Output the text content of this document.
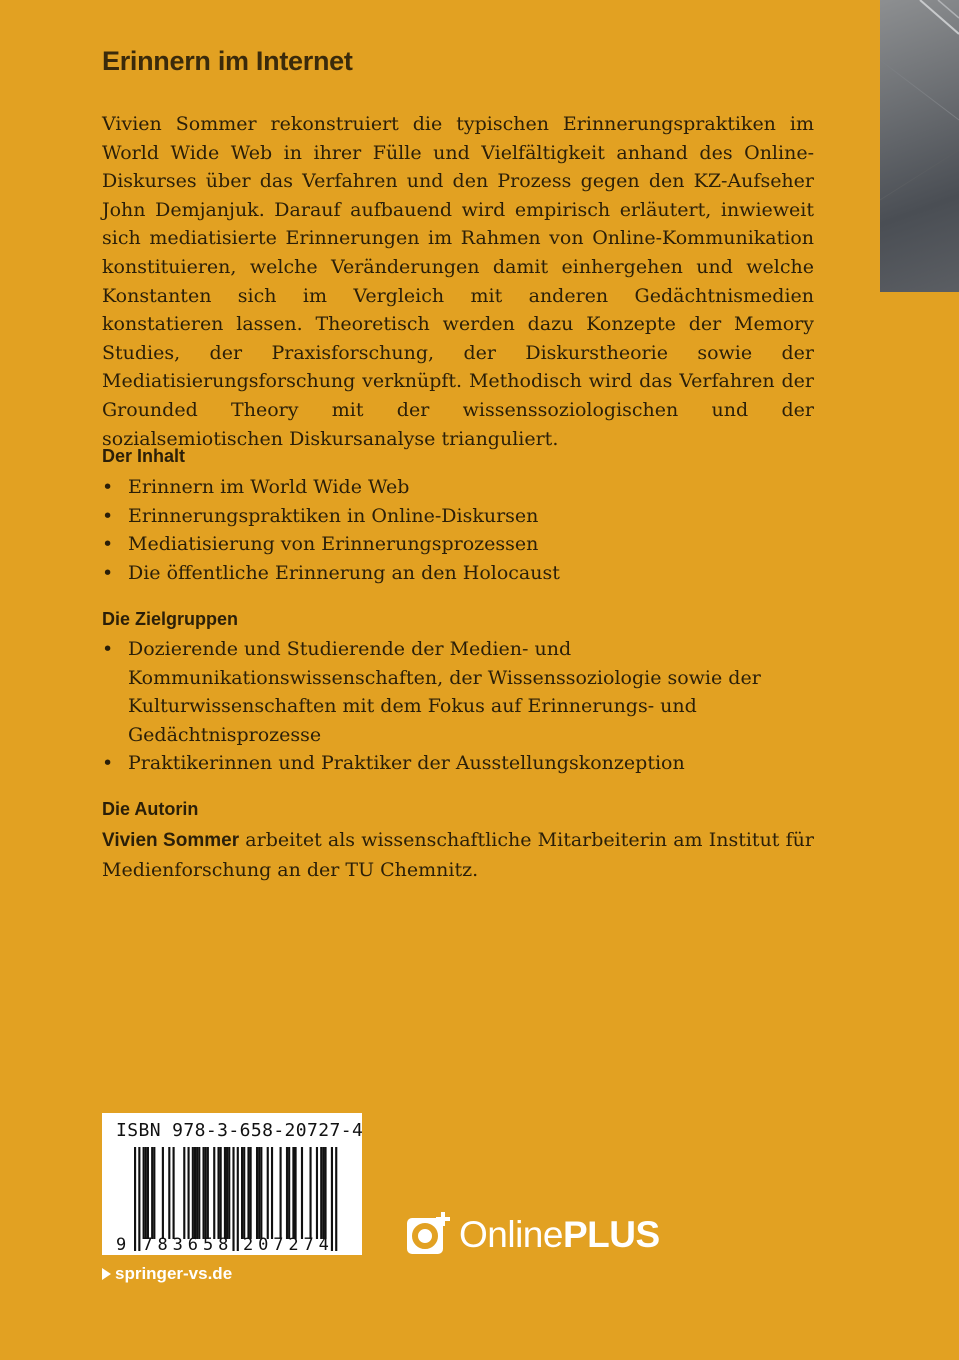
Erinnern im Internet

Vivien Sommer rekonstruiert die typischen Erinnerungspraktiken im World Wide Web in ihrer Fülle und Vielfältigkeit anhand des Online-Diskurses über das Verfahren und den Prozess gegen den KZ-Aufseher John Demjanjuk. Darauf aufbauend wird empirisch erläutert, inwieweit sich mediatisierte Erinnerungen im Rahmen von Online-Kommunikation konstituieren, welche Veränderungen damit einhergehen und welche Konstanten sich im Vergleich mit anderen Gedächtnismedien konstatieren lassen. Theoretisch werden dazu Konzepte der Memory Studies, der Praxisforschung, der Diskurstheorie sowie der Mediatisierungsforschung verknüpft. Methodisch wird das Verfahren der Grounded Theory mit der wissenssoziologischen und der sozialsemiotischen Diskursanalyse trianguliert.

Der Inhalt
• Erinnern im World Wide Web
• Erinnerungspraktiken in Online-Diskursen
• Mediatisierung von Erinnerungsprozessen
• Die öffentliche Erinnerung an den Holocaust
Die Zielgruppen
• Dozierende und Studierende der Medien- und Kommunikationswissenschaften, der Wissenssoziologie sowie der Kulturwissenschaften mit dem Fokus auf Erinnerungs- und Gedächtnisprozesse
• Praktikerinnen und Praktiker der Ausstellungskonzeption
Die Autorin

Vivien Sommer arbeitet als wissenschaftliche Mitarbeiterin am Institut für Medienforschung an der TU Chemnitz.

ISBN 978-3-658-20727-4
9 783658 207274
springer-vs.de
OnlinePLUS
